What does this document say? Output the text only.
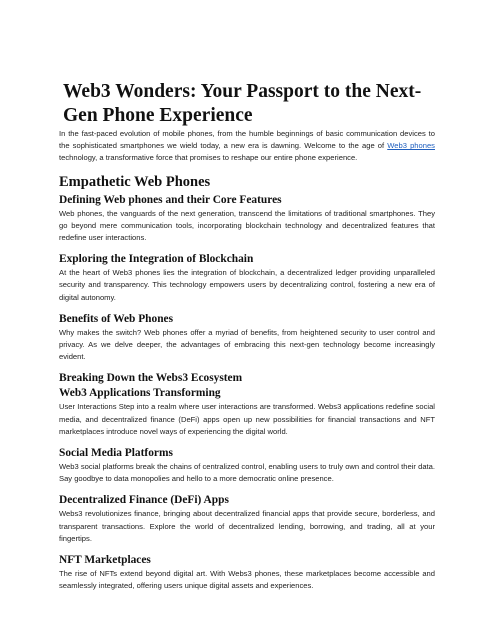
Web3 Wonders: Your Passport to the Next-Gen Phone Experience

In the fast-paced evolution of mobile phones, from the humble beginnings of basic communication devices to the sophisticated smartphones we wield today, a new era is dawning. Welcome to the age of Web3 phones technology, a transformative force that promises to reshape our entire phone experience.

Empathetic Web Phones
Defining Web phones and their Core Features

Web phones, the vanguards of the next generation, transcend the limitations of traditional smartphones. They go beyond mere communication tools, incorporating blockchain technology and decentralized features that redefine user interactions.

Exploring the Integration of Blockchain

At the heart of Web3 phones lies the integration of blockchain, a decentralized ledger providing unparalleled security and transparency. This technology empowers users by decentralizing control, fostering a new era of digital autonomy.

Benefits of Web Phones

Why makes the switch? Web phones offer a myriad of benefits, from heightened security to user control and privacy. As we delve deeper, the advantages of embracing this next-gen technology become increasingly evident.

Breaking Down the Webs3 Ecosystem
Web3 Applications Transforming

User Interactions Step into a realm where user interactions are transformed. Webs3 applications redefine social media, and decentralized finance (DeFi) apps open up new possibilities for financial transactions and NFT marketplaces introduce novel ways of experiencing the digital world.

Social Media Platforms

Web3 social platforms break the chains of centralized control, enabling users to truly own and control their data. Say goodbye to data monopolies and hello to a more democratic online presence.

Decentralized Finance (DeFi) Apps

Webs3 revolutionizes finance, bringing about decentralized financial apps that provide secure, borderless, and transparent transactions. Explore the world of decentralized lending, borrowing, and trading, all at your fingertips.

NFT Marketplaces

The rise of NFTs extend beyond digital art. With Webs3 phones, these marketplaces become accessible and seamlessly integrated, offering users unique digital assets and experiences.
